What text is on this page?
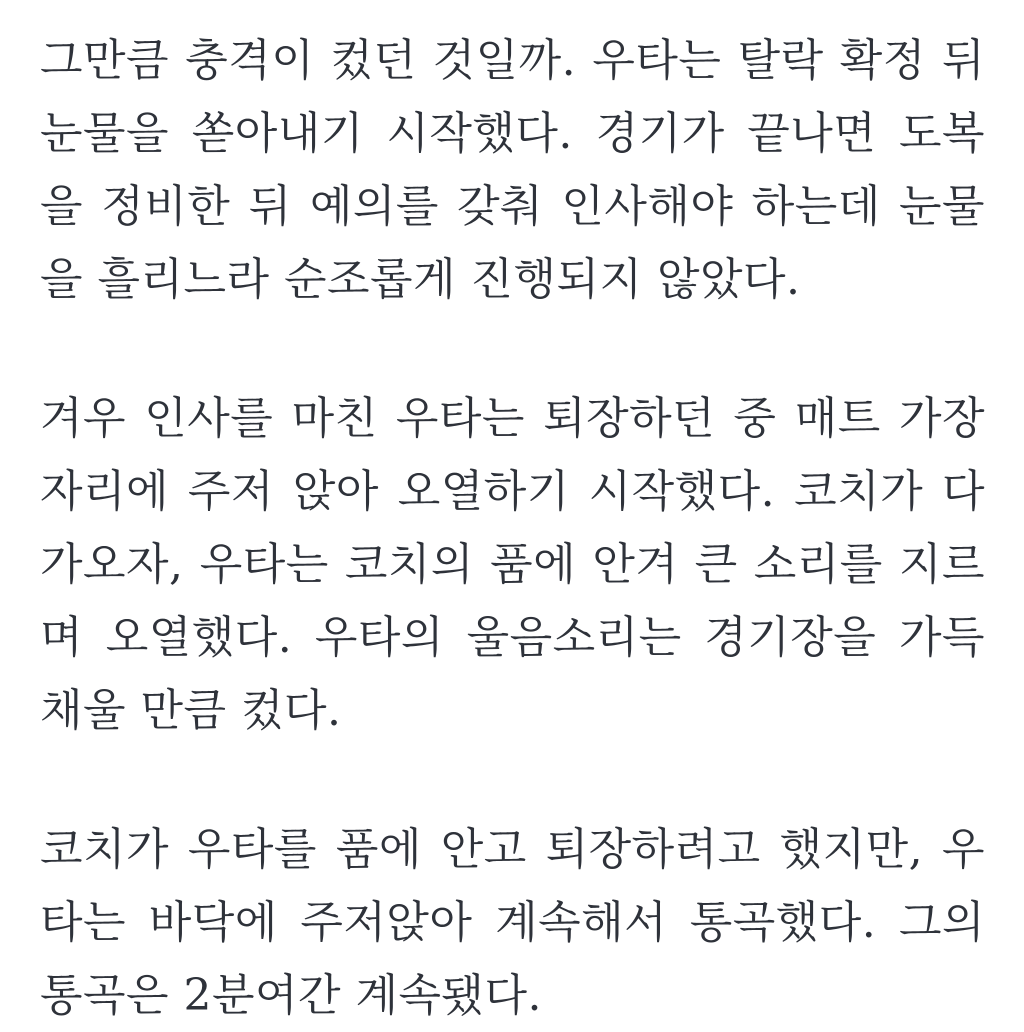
그만큼 충격이 컸던 것일까. 우타는 탈락 확정 뒤 눈물을 쏟아내기 시작했다. 경기가 끝나면 도복을 정비한 뒤 예의를 갖춰 인사해야 하는데 눈물을 흘리느라 순조롭게 진행되지 않았다.

겨우 인사를 마친 우타는 퇴장하던 중 매트 가장자리에 주저 앉아 오열하기 시작했다. 코치가 다가오자, 우타는 코치의 품에 안겨 큰 소리를 지르며 오열했다. 우타의 울음소리는 경기장을 가득 채울 만큼 컸다.

코치가 우타를 품에 안고 퇴장하려고 했지만, 우타는 바닥에 주저앉아 계속해서 통곡했다. 그의 통곡은 2분여간 계속됐다.
